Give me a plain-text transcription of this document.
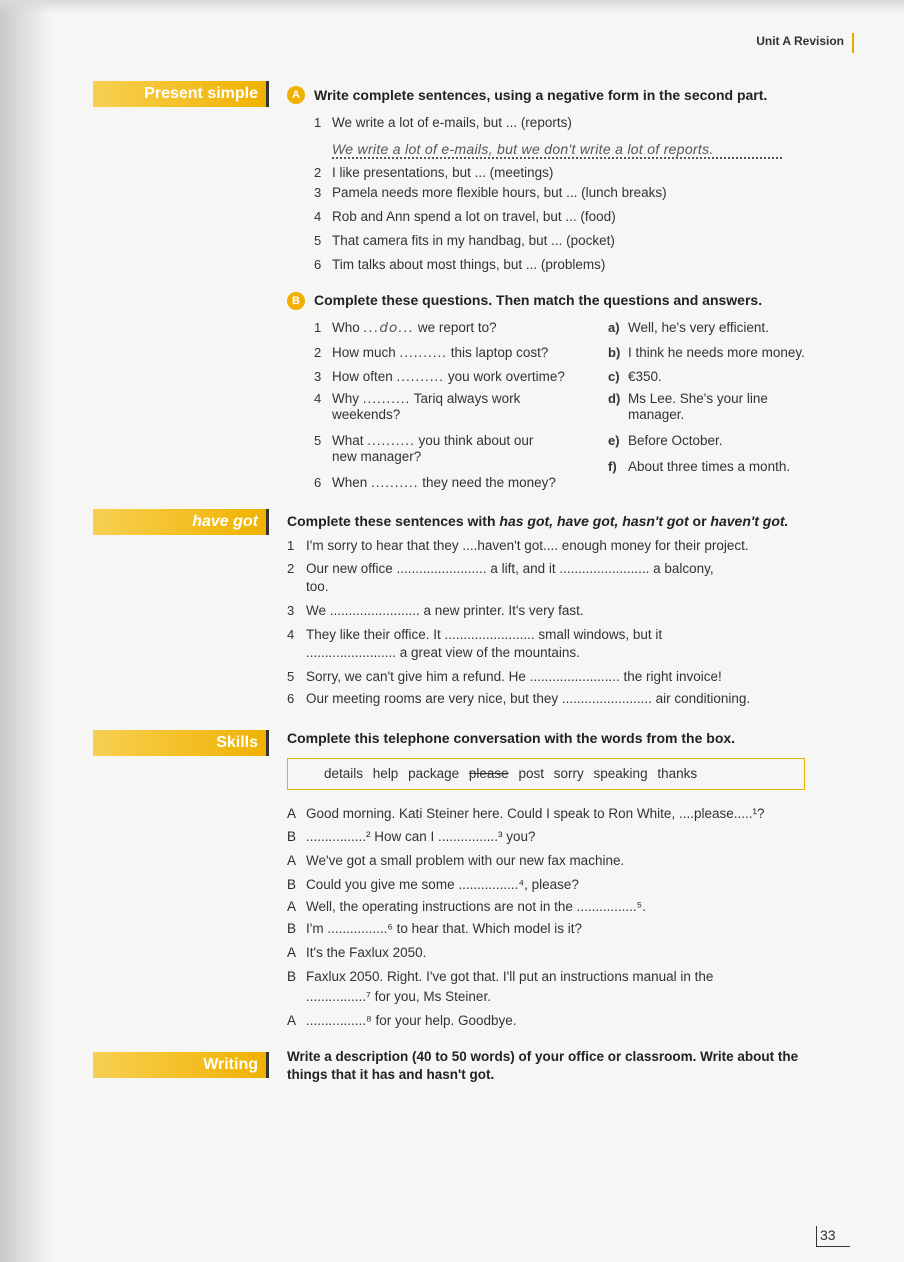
Unit A Revision
Present simple	A	Write complete sentences, using a negative form in the second part.
1 We write a lot of e-mails, but ... (reports)
We write a lot of e-mails, but we don't write a lot of reports.
2 I like presentations, but ... (meetings)
3 Pamela needs more flexible hours, but ... (lunch breaks)
4 Rob and Ann spend a lot on travel, but ... (food)
5 That camera fits in my handbag, but ... (pocket)
6 Tim talks about most things, but ... (problems)
B	Complete these questions. Then match the questions and answers.
1 Who ...do... we report to?
2 How much .......... this laptop cost?
3 How often .......... you work overtime?
4 Why .......... Tariq always work
weekends?
5 What .......... you think about our
new manager?
6 When .......... they need the money?
a) Well, he's very efficient.
b) I think he needs more money.
c) €350.
d) Ms Lee. She's your line
manager.
e) Before October.
f) About three times a month.
have got	Complete these sentences with has got, have got, hasn't got or haven't got.
1 I'm sorry to hear that they ....haven't got.... enough money for their project.
2 Our new office ........................ a lift, and it ........................ a balcony,
too.
3 We ........................ a new printer. It's very fast.
4 They like their office. It ........................ small windows, but it
........................ a great view of the mountains.
5 Sorry, we can't give him a refund. He ........................ the right invoice!
6 Our meeting rooms are very nice, but they ........................ air conditioning.
Skills	Complete this telephone conversation with the words from the box.
details help package please post sorry speaking thanks
A Good morning. Kati Steiner here. Could I speak to Ron White, ....please.....¹?
B ................² How can I ................³ you?
A We've got a small problem with our new fax machine.
B Could you give me some ................⁴, please?
A Well, the operating instructions are not in the ................⁵.
B I'm ................⁶ to hear that. Which model is it?
A It's the Faxlux 2050.
B Faxlux 2050. Right. I've got that. I'll put an instructions manual in the
................⁷ for you, Ms Steiner.
A ................⁸ for your help. Goodbye.
Writing	Write a description (40 to 50 words) of your office or classroom. Write about the
things that it has and hasn't got.
33
